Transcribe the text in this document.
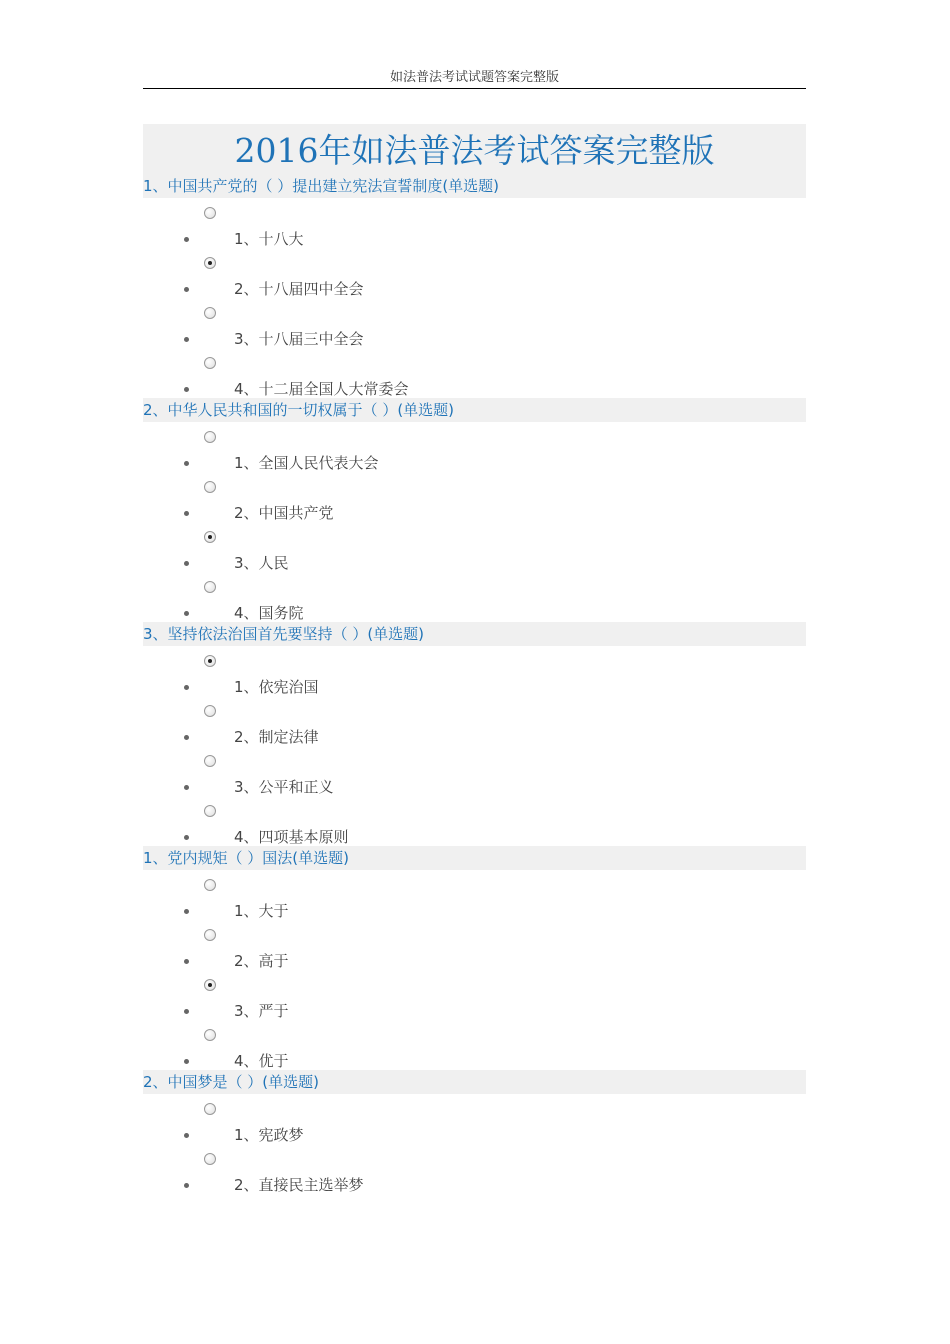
如法普法考试试题答案完整版
2016年如法普法考试答案完整版
1、中国共产党的（ ）提出建立宪法宣誓制度(单选题)
1、十八大
2、十八届四中全会
3、十八届三中全会
4、十二届全国人大常委会
2、中华人民共和国的一切权属于（ ）(单选题)
1、全国人民代表大会
2、中国共产党
3、人民
4、国务院
3、坚持依法治国首先要坚持（ ）(单选题)
1、依宪治国
2、制定法律
3、公平和正义
4、四项基本原则
1、党内规矩（ ）国法(单选题)
1、大于
2、高于
3、严于
4、优于
2、中国梦是（ ）(单选题)
1、宪政梦
2、直接民主选举梦
